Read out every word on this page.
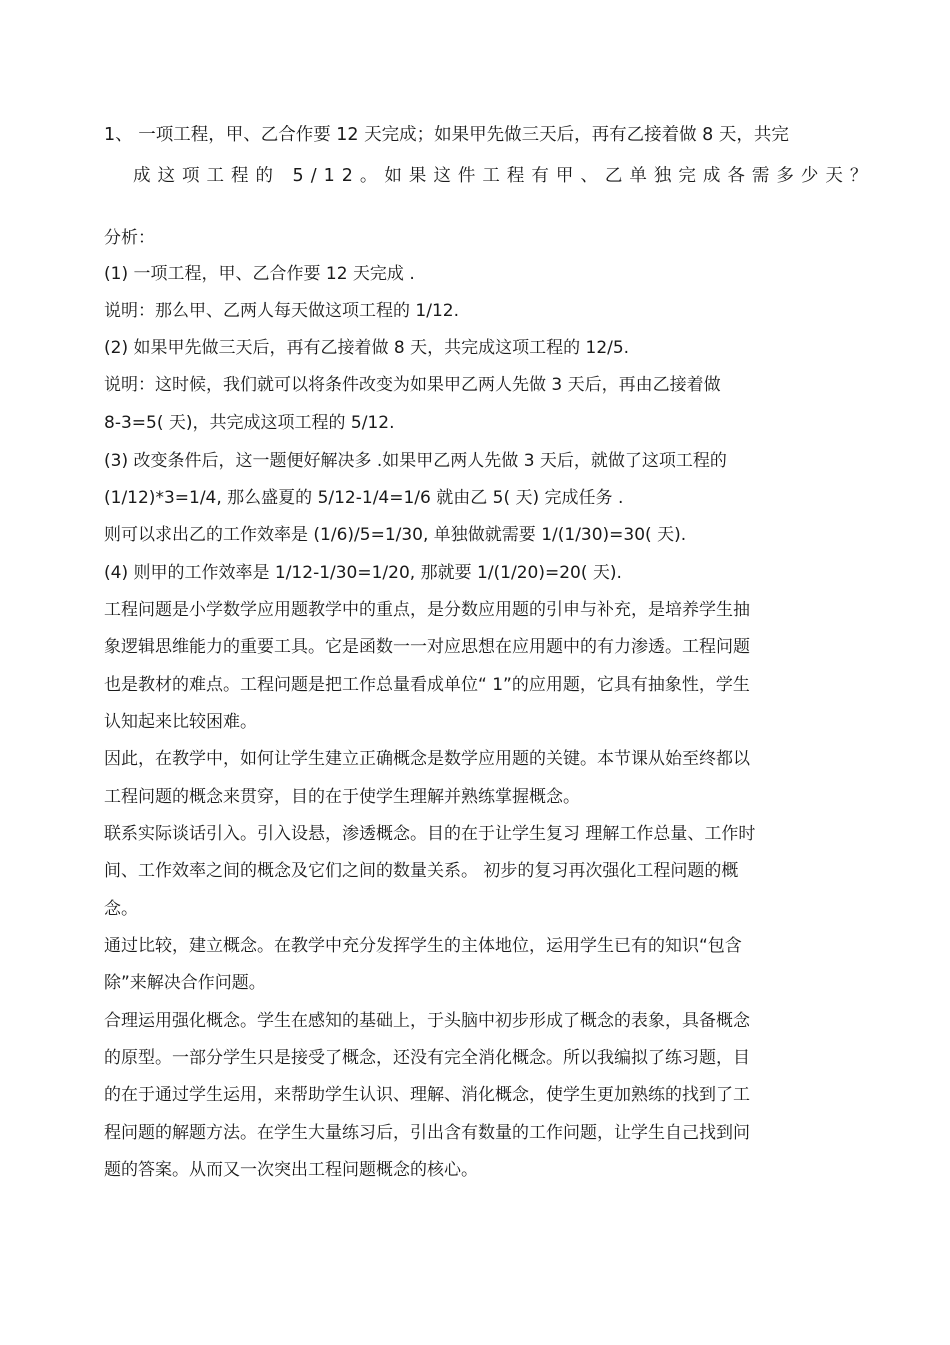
1、 一项工程，甲、乙合作要 12 天完成；如果甲先做三天后，再有乙接着做 8 天，共完
成这项工程的 5/12。如果这件工程有甲、乙单独完成各需多少天？
分析：
(1) 一项工程，甲、乙合作要 12 天完成 .
说明：那么甲、乙两人每天做这项工程的 1/12.
(2) 如果甲先做三天后，再有乙接着做 8 天，共完成这项工程的 12/5.
说明：这时候，我们就可以将条件改变为如果甲乙两人先做 3 天后，再由乙接着做
8-3=5( 天)，共完成这项工程的 5/12.
(3) 改变条件后，这一题便好解决多 .如果甲乙两人先做 3 天后，就做了这项工程的
(1/12)*3=1/4, 那么盛夏的 5/12-1/4=1/6 就由乙 5( 天) 完成任务 .
则可以求出乙的工作效率是 (1/6)/5=1/30, 单独做就需要 1/(1/30)=30( 天).
(4) 则甲的工作效率是 1/12-1/30=1/20, 那就要 1/(1/20)=20( 天).
工程问题是小学数学应用题教学中的重点，是分数应用题的引申与补充，是培养学生抽
象逻辑思维能力的重要工具。它是函数一一对应思想在应用题中的有力渗透。工程问题
也是教材的难点。工程问题是把工作总量看成单位“ 1”的应用题，它具有抽象性，学生
认知起来比较困难。
因此，在教学中，如何让学生建立正确概念是数学应用题的关键。本节课从始至终都以
工程问题的概念来贯穿，目的在于使学生理解并熟练掌握概念。
联系实际谈话引入。引入设悬，渗透概念。目的在于让学生复习 理解工作总量、工作时
间、工作效率之间的概念及它们之间的数量关系。 初步的复习再次强化工程问题的概
念。
通过比较，建立概念。在教学中充分发挥学生的主体地位，运用学生已有的知识“包含
除”来解决合作问题。
合理运用强化概念。学生在感知的基础上，于头脑中初步形成了概念的表象，具备概念
的原型。一部分学生只是接受了概念，还没有完全消化概念。所以我编拟了练习题，目
的在于通过学生运用，来帮助学生认识、理解、消化概念，使学生更加熟练的找到了工
程问题的解题方法。在学生大量练习后，引出含有数量的工作问题，让学生自己找到问
题的答案。从而又一次突出工程问题概念的核心。
